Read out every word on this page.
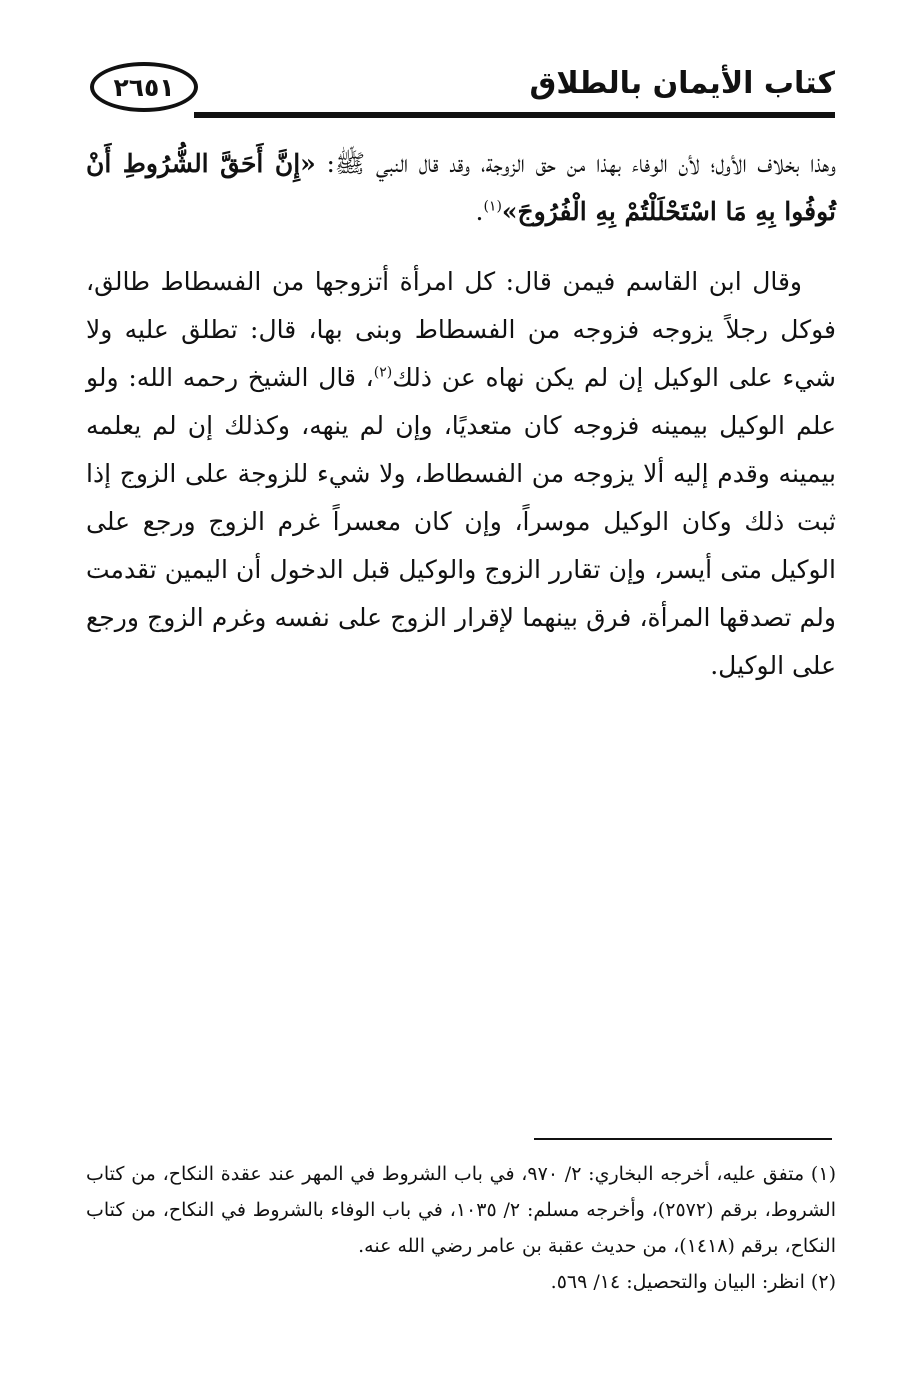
٢٦٥١	كتاب الأيمان بالطلاق

وهذا بخلاف الأول؛ لأن الوفاء بهذا من حق الزوجة، وقد قال النبي ﷺ: «إِنَّ أَحَقَّ الشُّرُوطِ أَنْ تُوفُوا بِهِ مَا اسْتَحْلَلْتُمْ بِهِ الْفُرُوجَ»$^{(١)}$.

وقال ابن القاسم فيمن قال: كل امرأة أتزوجها من الفسطاط طالق، فوكل رجلاً يزوجه فزوجه من الفسطاط وبنى بها، قال: تطلق عليه ولا شيء على الوكيل إن لم يكن نهاه عن ذلك$^{(٢)}$، قال الشيخ رحمه الله: ولو علم الوكيل بيمينه فزوجه كان متعديًا، وإن لم ينهه، وكذلك إن لم يعلمه بيمينه وقدم إليه ألا يزوجه من الفسطاط، ولا شيء للزوجة على الزوج إذا ثبت ذلك وكان الوكيل موسراً، وإن كان معسراً غرم الزوج ورجع على الوكيل متى أيسر، وإن تقارر الزوج والوكيل قبل الدخول أن اليمين تقدمت ولم تصدقها المرأة، فرق بينهما لإقرار الزوج على نفسه وغرم الزوج ورجع على الوكيل.

(١) متفق عليه، أخرجه البخاري: ٢/ ٩٧٠، في باب الشروط في المهر عند عقدة النكاح، من كتاب الشروط، برقم (٢٥٧٢)، وأخرجه مسلم: ٢/ ١٠٣٥، في باب الوفاء بالشروط في النكاح، من كتاب النكاح، برقم (١٤١٨)، من حديث عقبة بن عامر رضي الله عنه.

(٢) انظر: البيان والتحصيل: ١٤/ ٥٦٩.
